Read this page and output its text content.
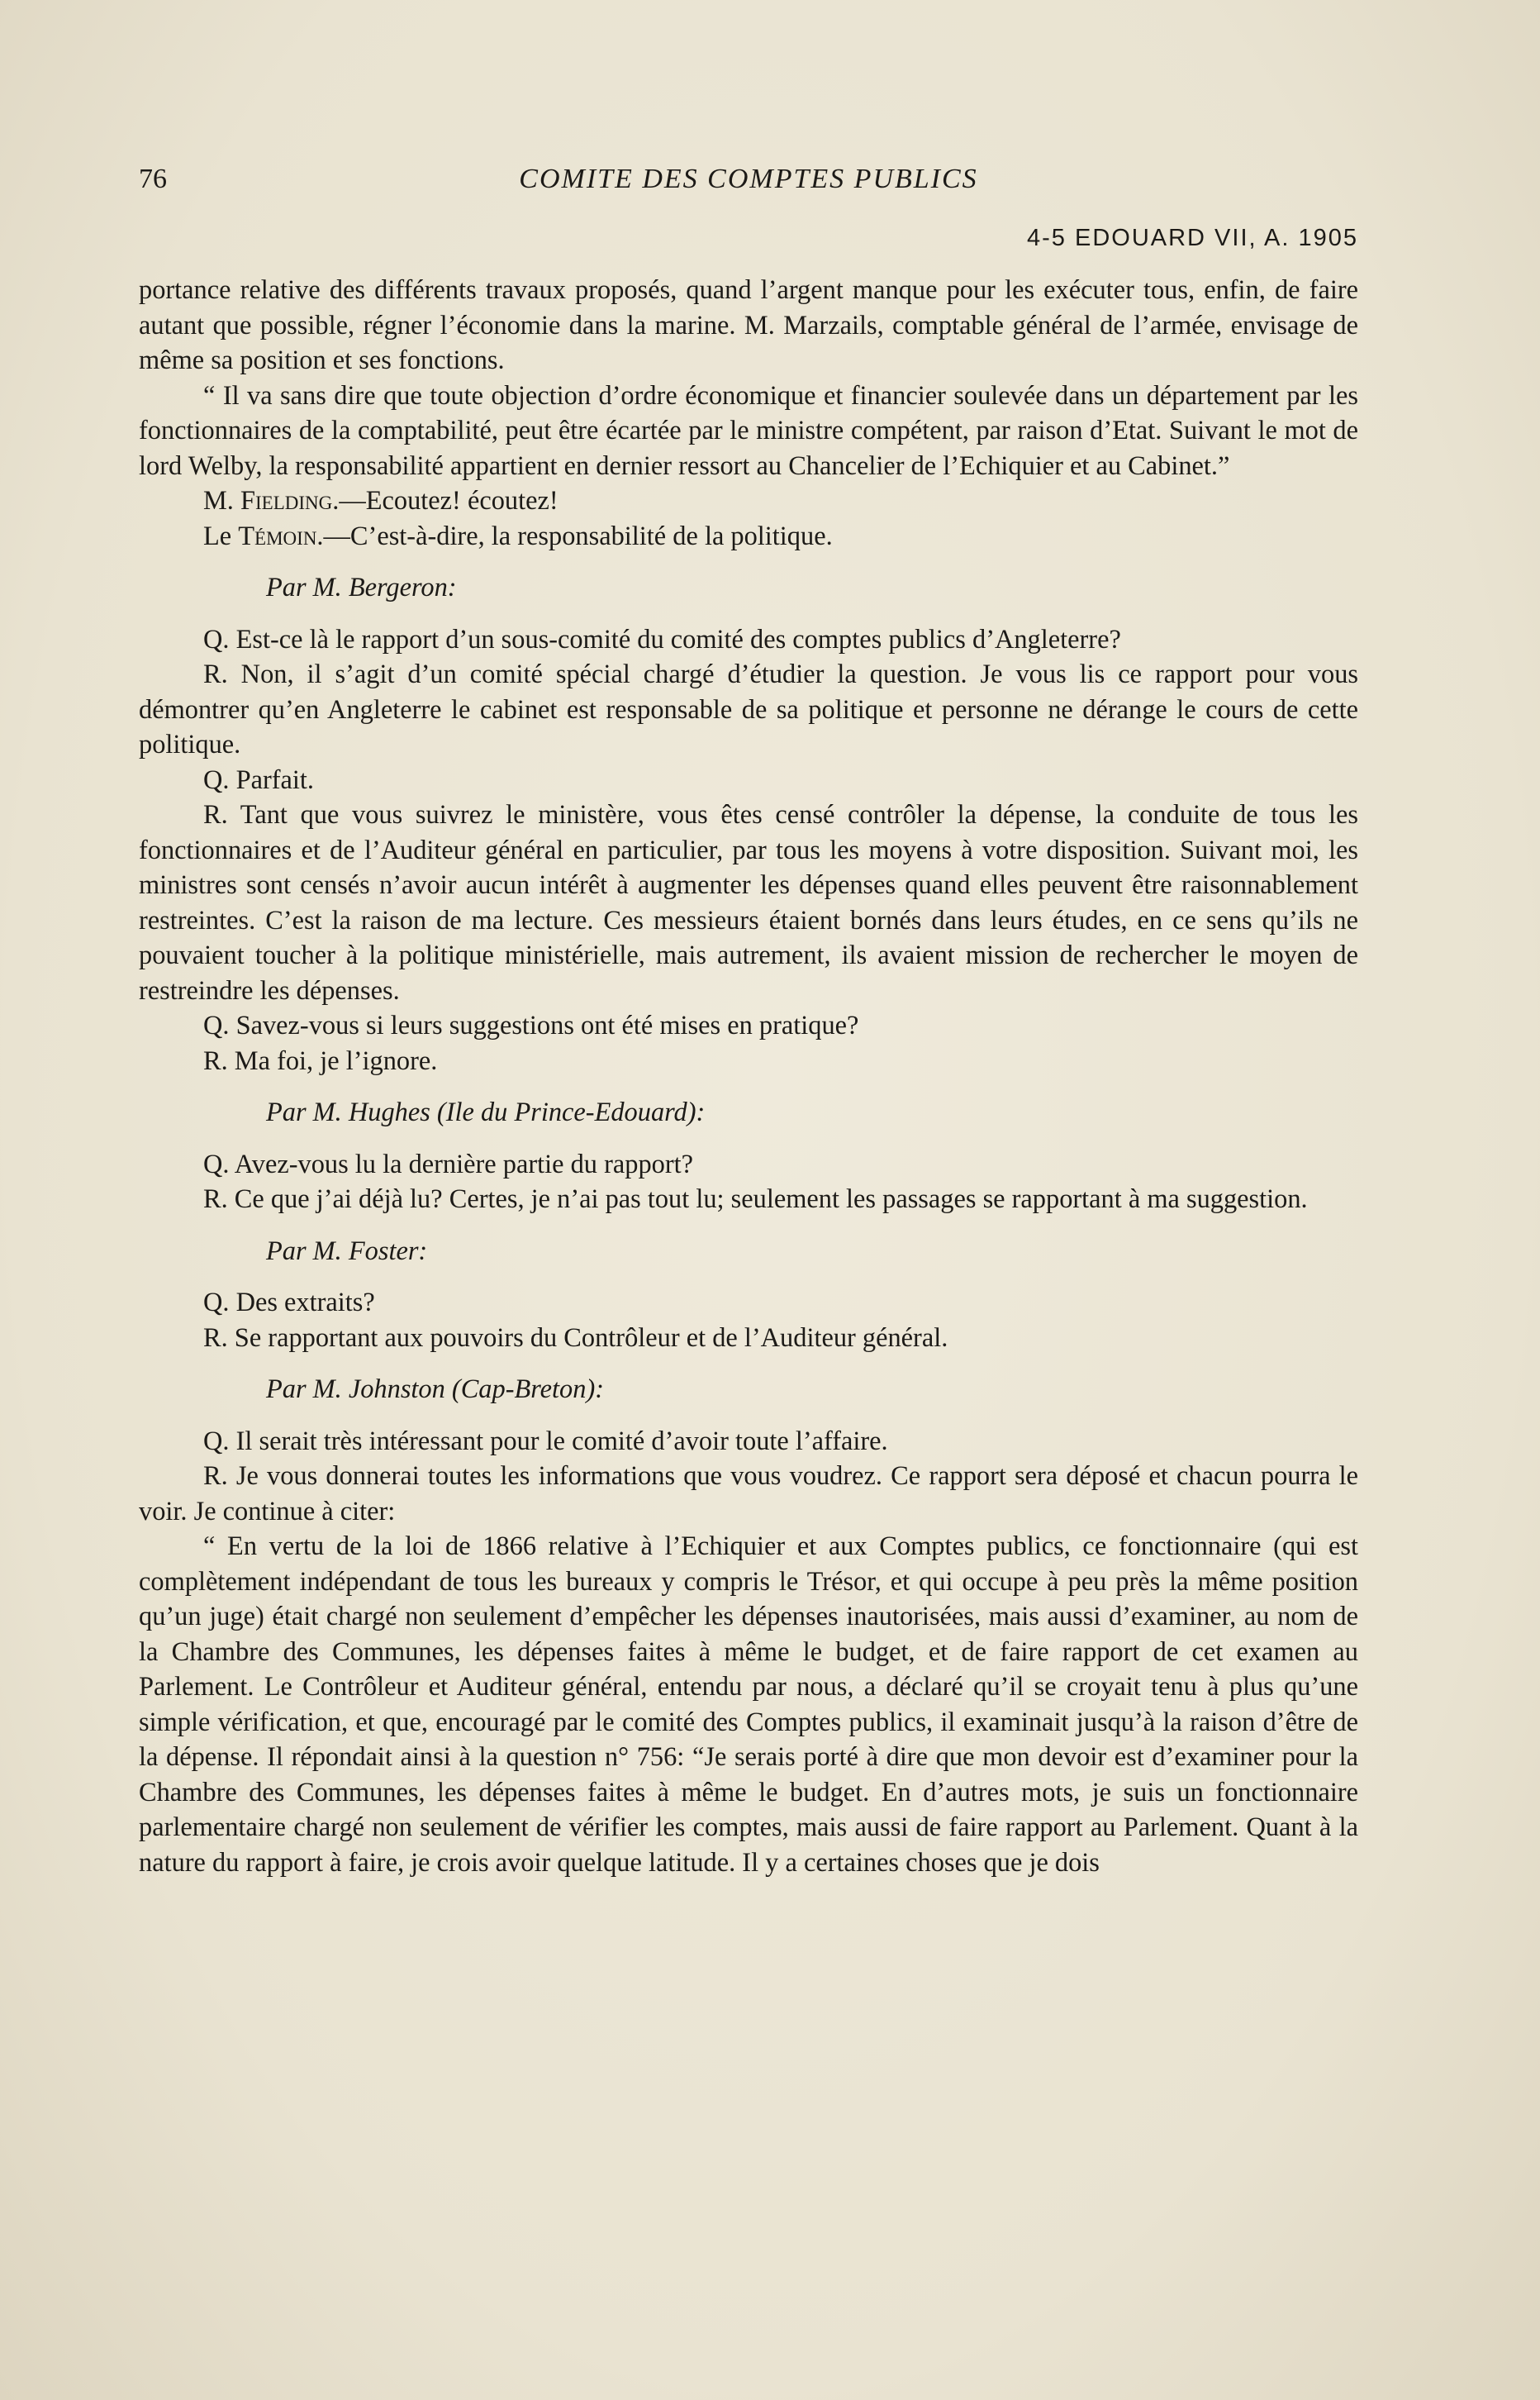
76	COMITE DES COMPTES PUBLICS
4-5 EDOUARD VII, A. 1905

portance relative des différents travaux proposés, quand l’argent manque pour les exécuter tous, enfin, de faire autant que possible, régner l’économie dans la marine. M. Marzails, comptable général de l’armée, envisage de même sa position et ses fonctions.

“ Il va sans dire que toute objection d’ordre économique et financier soulevée dans un département par les fonctionnaires de la comptabilité, peut être écartée par le ministre compétent, par raison d’Etat. Suivant le mot de lord Welby, la responsabilité appartient en dernier ressort au Chancelier de l’Echiquier et au Cabinet.”

M. Fielding.—Ecoutez! écoutez!

Le Témoin.—C’est-à-dire, la responsabilité de la politique.

Par M. Bergeron:

Q. Est-ce là le rapport d’un sous-comité du comité des comptes publics d’Angleterre?

R. Non, il s’agit d’un comité spécial chargé d’étudier la question. Je vous lis ce rapport pour vous démontrer qu’en Angleterre le cabinet est responsable de sa politique et personne ne dérange le cours de cette politique.

Q. Parfait.

R. Tant que vous suivrez le ministère, vous êtes censé contrôler la dépense, la conduite de tous les fonctionnaires et de l’Auditeur général en particulier, par tous les moyens à votre disposition. Suivant moi, les ministres sont censés n’avoir aucun intérêt à augmenter les dépenses quand elles peuvent être raisonnablement restreintes. C’est la raison de ma lecture. Ces messieurs étaient bornés dans leurs études, en ce sens qu’ils ne pouvaient toucher à la politique ministérielle, mais autrement, ils avaient mission de rechercher le moyen de restreindre les dépenses.

Q. Savez-vous si leurs suggestions ont été mises en pratique?

R. Ma foi, je l’ignore.

Par M. Hughes (Ile du Prince-Edouard):

Q. Avez-vous lu la dernière partie du rapport?

R. Ce que j’ai déjà lu? Certes, je n’ai pas tout lu; seulement les passages se rapportant à ma suggestion.

Par M. Foster:

Q. Des extraits?

R. Se rapportant aux pouvoirs du Contrôleur et de l’Auditeur général.

Par M. Johnston (Cap-Breton):

Q. Il serait très intéressant pour le comité d’avoir toute l’affaire.

R. Je vous donnerai toutes les informations que vous voudrez. Ce rapport sera déposé et chacun pourra le voir. Je continue à citer:

“ En vertu de la loi de 1866 relative à l’Echiquier et aux Comptes publics, ce fonctionnaire (qui est complètement indépendant de tous les bureaux y compris le Trésor, et qui occupe à peu près la même position qu’un juge) était chargé non seulement d’empêcher les dépenses inautorisées, mais aussi d’examiner, au nom de la Chambre des Communes, les dépenses faites à même le budget, et de faire rapport de cet examen au Parlement. Le Contrôleur et Auditeur général, entendu par nous, a déclaré qu’il se croyait tenu à plus qu’une simple vérification, et que, encouragé par le comité des Comptes publics, il examinait jusqu’à la raison d’être de la dépense. Il répondait ainsi à la question n° 756: “Je serais porté à dire que mon devoir est d’examiner pour la Chambre des Communes, les dépenses faites à même le budget. En d’autres mots, je suis un fonctionnaire parlementaire chargé non seulement de vérifier les comptes, mais aussi de faire rapport au Parlement. Quant à la nature du rapport à faire, je crois avoir quelque latitude. Il y a certaines choses que je dois
